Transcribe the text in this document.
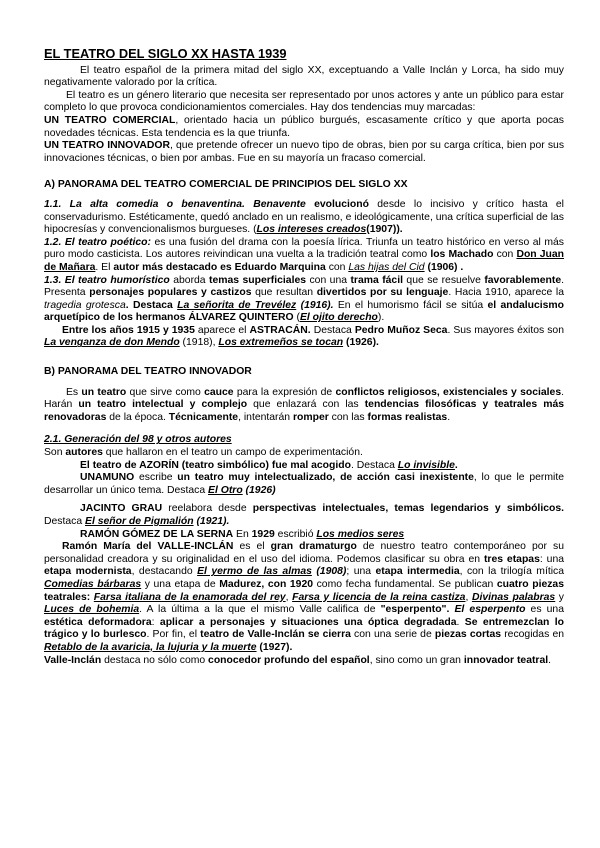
EL TEATRO DEL SIGLO XX HASTA 1939

El teatro español de la primera mitad del siglo XX, exceptuando a Valle Inclán y Lorca, ha sido muy negativamente valorado por la crítica.

El teatro es un género literario que necesita ser representado por unos actores y ante un público para estar completo lo que provoca condicionamientos comerciales. Hay dos tendencias muy marcadas:

UN TEATRO COMERCIAL, orientado hacia un público burgués, escasamente crítico y que aporta pocas novedades técnicas. Esta tendencia es la que triunfa.

UN TEATRO INNOVADOR, que pretende ofrecer un nuevo tipo de obras, bien por su carga crítica, bien por sus innovaciones técnicas, o bien por ambas. Fue en su mayoría un fracaso comercial.

A) PANORAMA DEL TEATRO COMERCIAL DE PRINCIPIOS DEL SIGLO XX

1.1. La alta comedia o benaventina. Benavente evolucionó desde lo incisivo y crítico hasta el conservadurismo. Estéticamente, quedó anclado en un realismo, e ideológicamente, una crítica superficial de las hipocresías y convencionalismos burgueses. (Los intereses creados(1907)).

1.2. El teatro poético: es una fusión del drama con la poesía lírica. Triunfa un teatro histórico en verso al más puro modo casticista. Los autores reivindican una vuelta a la tradición teatral como los Machado con Don Juan de Mañara. El autor más destacado es Eduardo Marquina con Las hijas del Cid (1906) .

1.3. El teatro humorístico aborda temas superficiales con una trama fácil que se resuelve favorablemente. Presenta personajes populares y castizos que resultan divertidos por su lenguaje. Hacia 1910, aparece la tragedia grotesca. Destaca La señorita de Trevélez (1916). En el humorismo fácil se sitúa el andalucismo arquetípico de los hermanos ÁLVAREZ QUINTERO (El ojito derecho).

Entre los años 1915 y 1935 aparece el ASTRACÁN. Destaca Pedro Muñoz Seca. Sus mayores éxitos son La venganza de don Mendo (1918), Los extremeños se tocan (1926).

B) PANORAMA DEL TEATRO INNOVADOR

Es un teatro que sirve como cauce para la expresión de conflictos religiosos, existenciales y sociales. Harán un teatro intelectual y complejo que enlazará con las tendencias filosóficas y teatrales más renovadoras de la época. Técnicamente, intentarán romper con las formas realistas.

2.1. Generación del 98 y otros autores

Son autores que hallaron en el teatro un campo de experimentación.

El teatro de AZORÍN (teatro simbólico) fue mal acogido. Destaca Lo invisible.

UNAMUNO escribe un teatro muy intelectualizado, de acción casi inexistente, lo que le permite desarrollar un único tema. Destaca El Otro (1926)

JACINTO GRAU reelabora desde perspectivas intelectuales, temas legendarios y simbólicos. Destaca El señor de Pigmalión (1921).

RAMÓN GÓMEZ DE LA SERNA En 1929 escribió Los medios seres

Ramón María del VALLE-INCLÁN es el gran dramaturgo de nuestro teatro contemporáneo por su personalidad creadora y su originalidad en el uso del idioma. Podemos clasificar su obra en tres etapas: una etapa modernista, destacando El yermo de las almas (1908); una etapa intermedia, con la trilogía mítica Comedias bárbaras y una etapa de Madurez, con 1920 como fecha fundamental. Se publican cuatro piezas teatrales: Farsa italiana de la enamorada del rey, Farsa y licencia de la reina castiza, Divinas palabras y Luces de bohemia. A la última a la que el mismo Valle califica de "esperpento". El esperpento es una estética deformadora: aplicar a personajes y situaciones una óptica degradada. Se entremezclan lo trágico y lo burlesco. Por fin, el teatro de Valle-Inclán se cierra con una serie de piezas cortas recogidas en Retablo de la avaricia, la lujuria y la muerte (1927).

Valle-Inclán destaca no sólo como conocedor profundo del español, sino como un gran innovador teatral.
